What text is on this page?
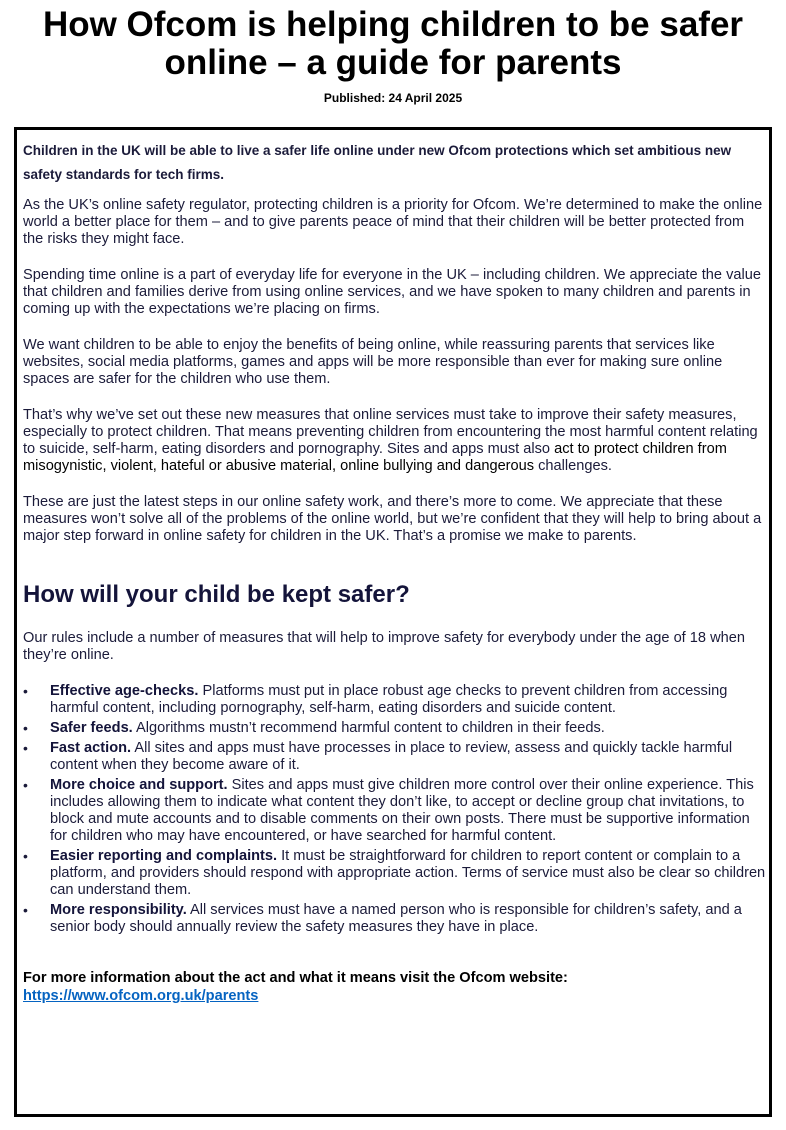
How Ofcom is helping children to be safer online – a guide for parents
Published: 24 April 2025

Children in the UK will be able to live a safer life online under new Ofcom protections which set ambitious new safety standards for tech firms.

As the UK’s online safety regulator, protecting children is a priority for Ofcom. We’re determined to make the online world a better place for them – and to give parents peace of mind that their children will be better protected from the risks they might face.

Spending time online is a part of everyday life for everyone in the UK – including children. We appreciate the value that children and families derive from using online services, and we have spoken to many children and parents in coming up with the expectations we’re placing on firms.

We want children to be able to enjoy the benefits of being online, while reassuring parents that services like websites, social media platforms, games and apps will be more responsible than ever for making sure online spaces are safer for the children who use them.

That’s why we’ve set out these new measures that online services must take to improve their safety measures, especially to protect children. That means preventing children from encountering the most harmful content relating to suicide, self-harm, eating disorders and pornography. Sites and apps must also act to protect children from misogynistic, violent, hateful or abusive material, online bullying and dangerous challenges.

These are just the latest steps in our online safety work, and there’s more to come. We appreciate that these measures won’t solve all of the problems of the online world, but we’re confident that they will help to bring about a major step forward in online safety for children in the UK. That’s a promise we make to parents.

How will your child be kept safer?

Our rules include a number of measures that will help to improve safety for everybody under the age of 18 when they’re online.

• Effective age-checks. Platforms must put in place robust age checks to prevent children from accessing harmful content, including pornography, self-harm, eating disorders and suicide content.
• Safer feeds. Algorithms mustn’t recommend harmful content to children in their feeds.
• Fast action. All sites and apps must have processes in place to review, assess and quickly tackle harmful content when they become aware of it.
• More choice and support. Sites and apps must give children more control over their online experience. This includes allowing them to indicate what content they don’t like, to accept or decline group chat invitations, to block and mute accounts and to disable comments on their own posts. There must be supportive information for children who may have encountered, or have searched for harmful content.
• Easier reporting and complaints. It must be straightforward for children to report content or complain to a platform, and providers should respond with appropriate action. Terms of service must also be clear so children can understand them.
• More responsibility. All services must have a named person who is responsible for children’s safety, and a senior body should annually review the safety measures they have in place.
For more information about the act and what it means visit the Ofcom website:
https://www.ofcom.org.uk/parents
